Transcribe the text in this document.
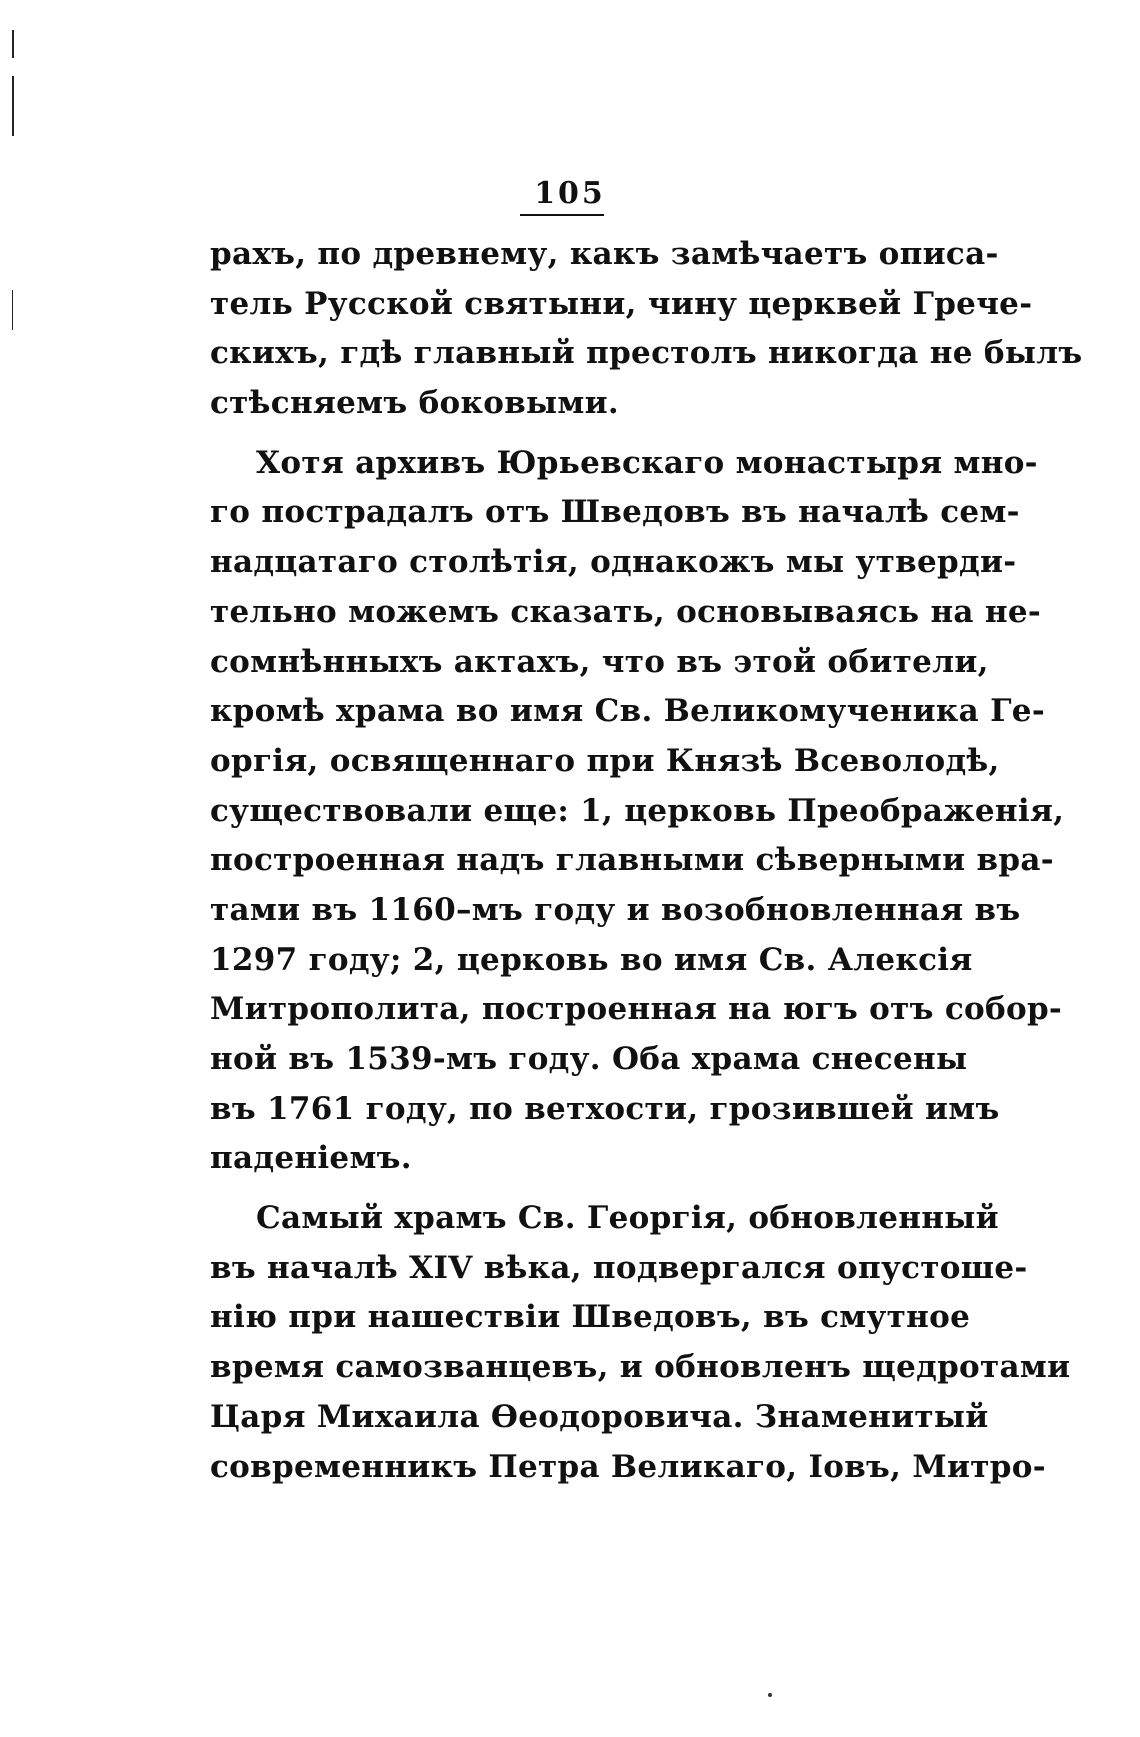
105
рахъ, по древнему, какъ замѣчаетъ описа-
тель Русской святыни, чину церквей Грече-
скихъ, гдѣ главный престолъ никогда не былъ
стѣсняемъ боковыми.
Хотя архивъ Юрьевскаго монастыря мно-
го пострадалъ отъ Шведовъ въ началѣ сем-
надцатаго столѣтія, однакожъ мы утверди-
тельно можемъ сказать, основываясь на не-
сомнѣнныхъ актахъ, что въ этой обители,
кромѣ храма во имя Св. Великомученика Ге-
оргія, освященнаго при Князѣ Всеволодѣ,
существовали еще: 1, церковь Преображенія,
построенная надъ главными сѣверными вра-
тами въ 1160–мъ году и возобновленная въ
1297 году; 2, церковь во имя Св. Алексія
Митрополита, построенная на югъ отъ собор-
ной въ 1539-мъ году. Оба храма снесены
въ 1761 году, по ветхости, грозившей имъ
паденіемъ.
Самый храмъ Св. Георгія, обновленный
въ началѣ XIV вѣка, подвергался опустоше-
нію при нашествіи Шведовъ, въ смутное
время самозванцевъ, и обновленъ щедротами
Царя Михаила Ѳеодоровича. Знаменитый
современникъ Петра Великаго, Іовъ, Митро-
